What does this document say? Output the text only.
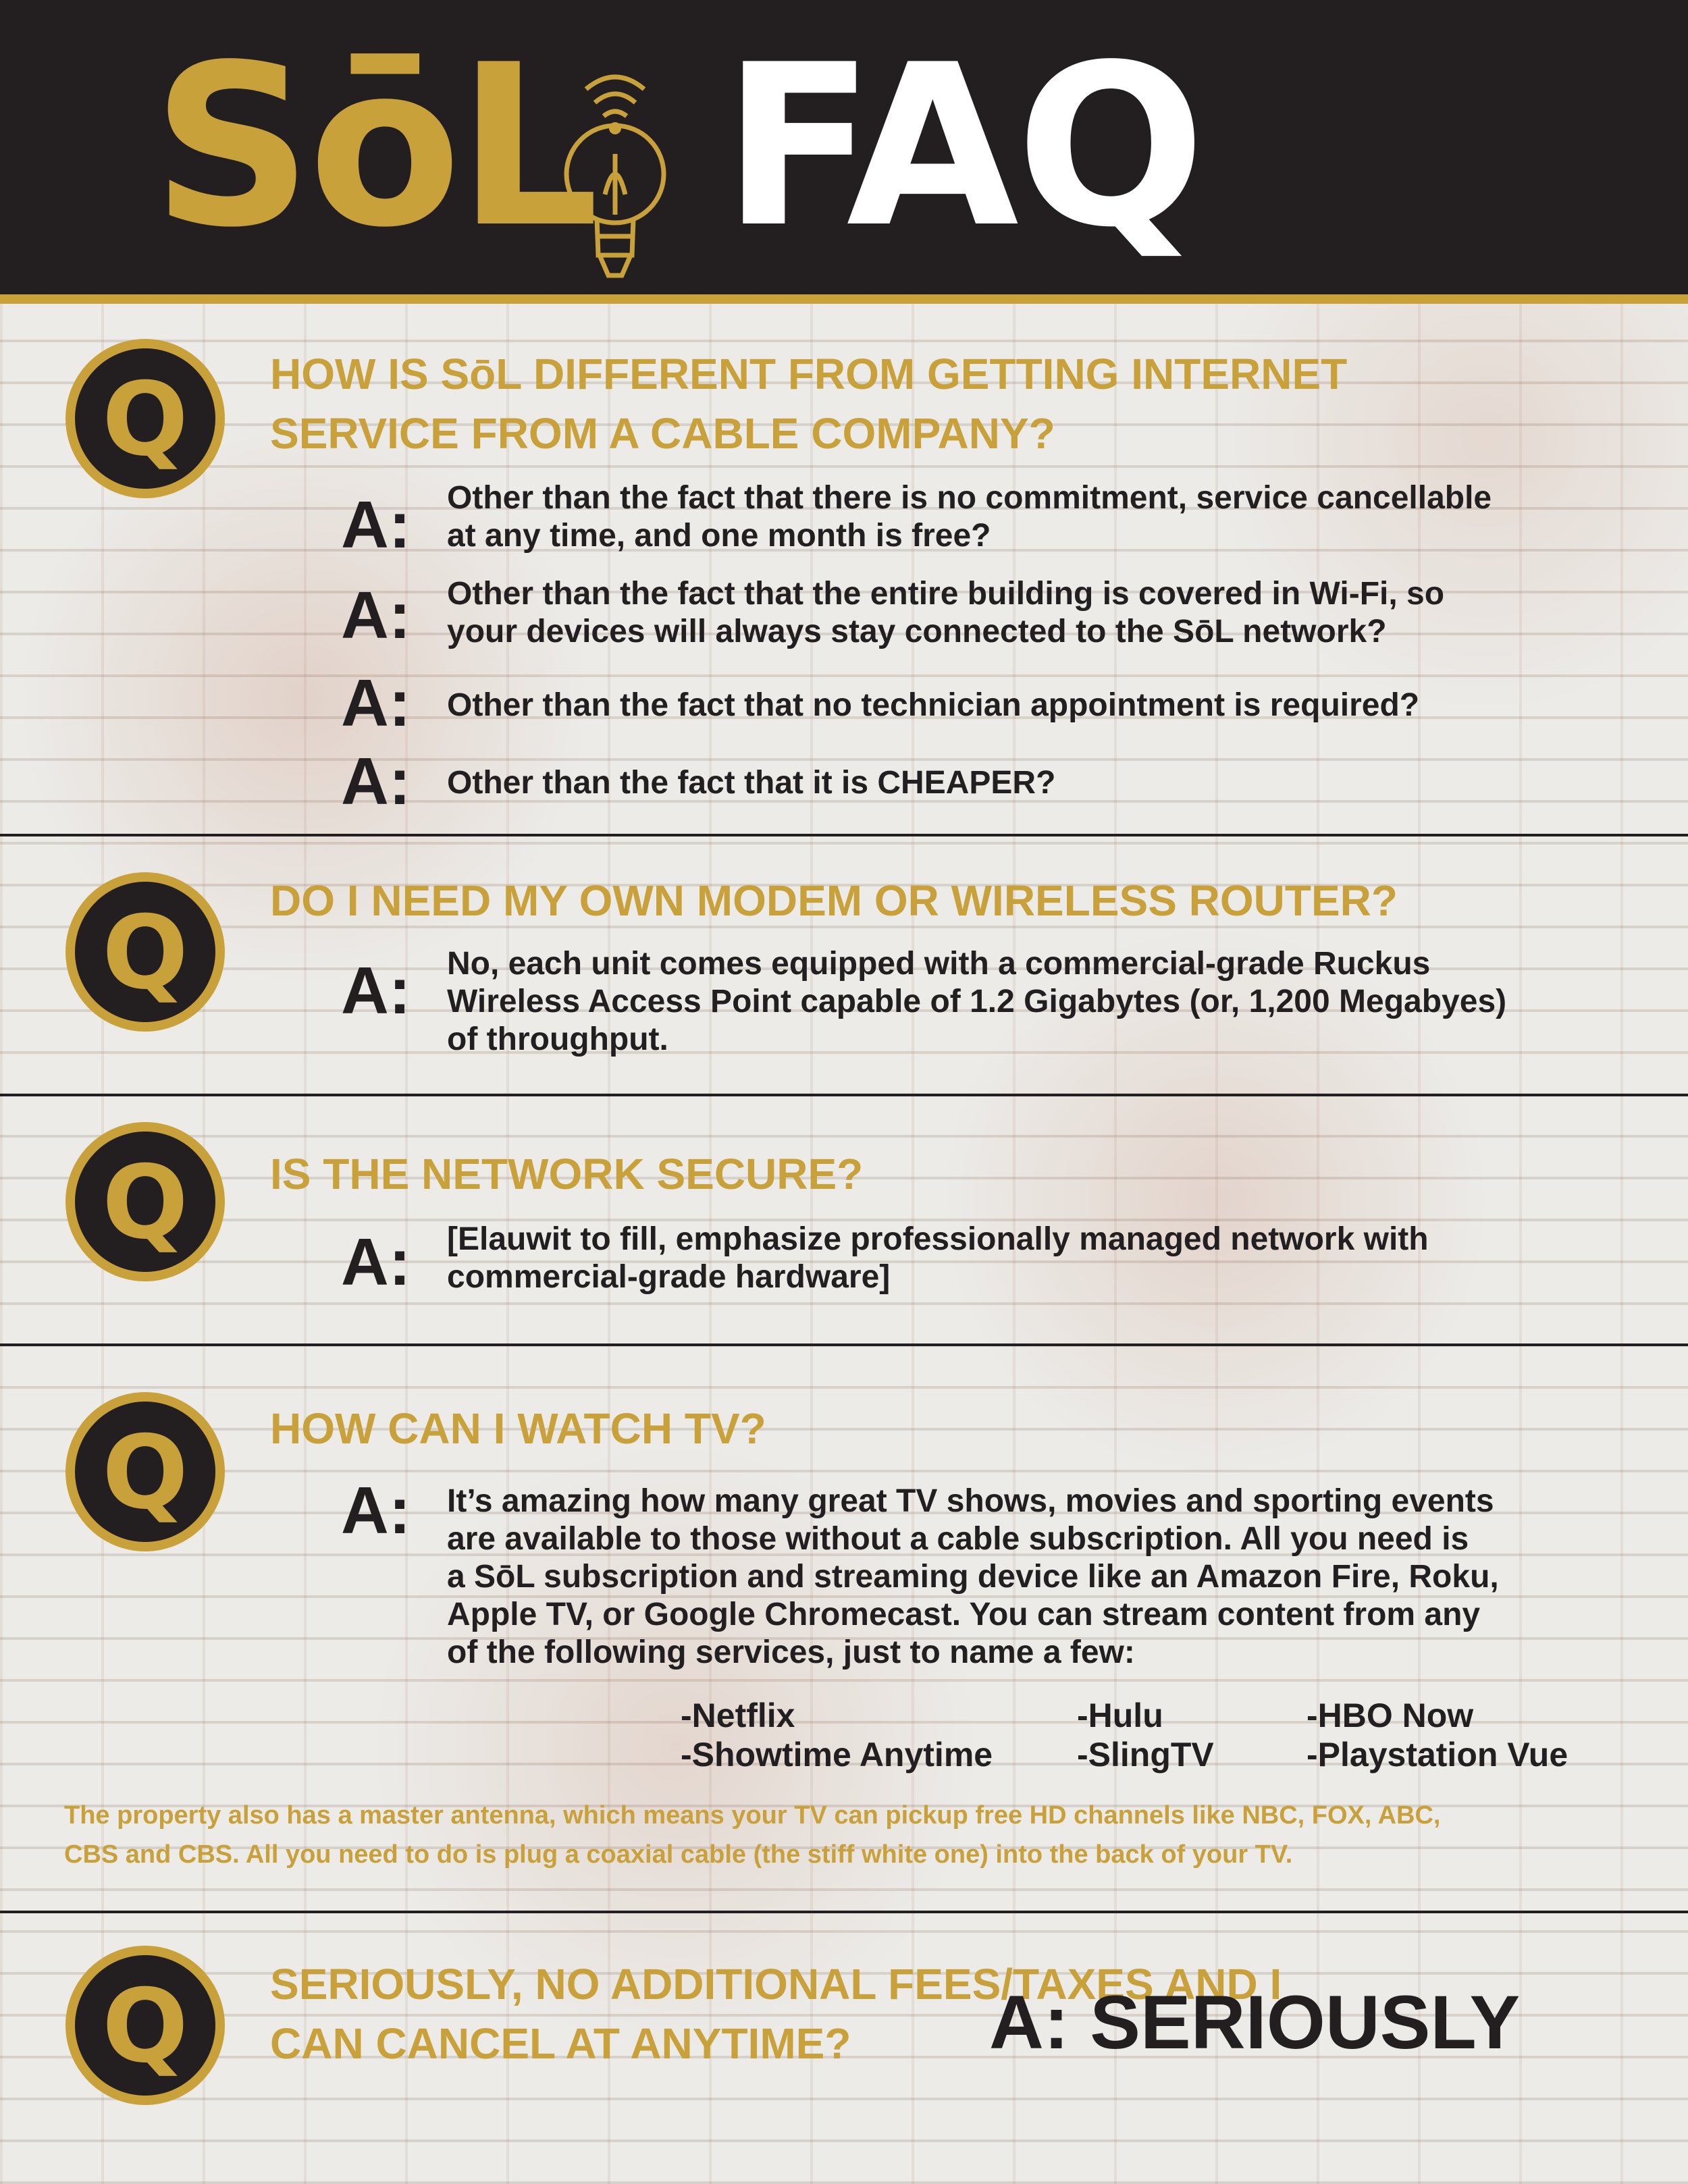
SōL FAQ
Q
Q
Q
Q
Q
HOW IS SōL DIFFERENT FROM GETTING INTERNET
SERVICE FROM A CABLE COMPANY?
A: Other than the fact that there is no commitment, service cancellable
at any time, and one month is free?
A: Other than the fact that the entire building is covered in Wi-Fi, so
your devices will always stay connected to the SōL network?
A: Other than the fact that no technician appointment is required?
A: Other than the fact that it is CHEAPER?
DO I NEED MY OWN MODEM OR WIRELESS ROUTER?
A: No, each unit comes equipped with a commercial-grade Ruckus
Wireless Access Point capable of 1.2 Gigabytes (or, 1,200 Megabyes)
of throughput.
IS THE NETWORK SECURE?
A: [Elauwit to fill, emphasize professionally managed network with
commercial-grade hardware]
HOW CAN I WATCH TV?
A: It’s amazing how many great TV shows, movies and sporting events
are available to those without a cable subscription. All you need is
a SōL subscription and streaming device like an Amazon Fire, Roku,
Apple TV, or Google Chromecast. You can stream content from any
of the following services, just to name a few:
-Netflix
-Showtime Anytime
-Hulu
-SlingTV
-HBO Now
-Playstation Vue
The property also has a master antenna, which means your TV can pickup free HD channels like NBC, FOX, ABC,
CBS and CBS. All you need to do is plug a coaxial cable (the stiff white one) into the back of your TV.
SERIOUSLY, NO ADDITIONAL FEES/TAXES AND I
CAN CANCEL AT ANYTIME?	A: SERIOUSLY
